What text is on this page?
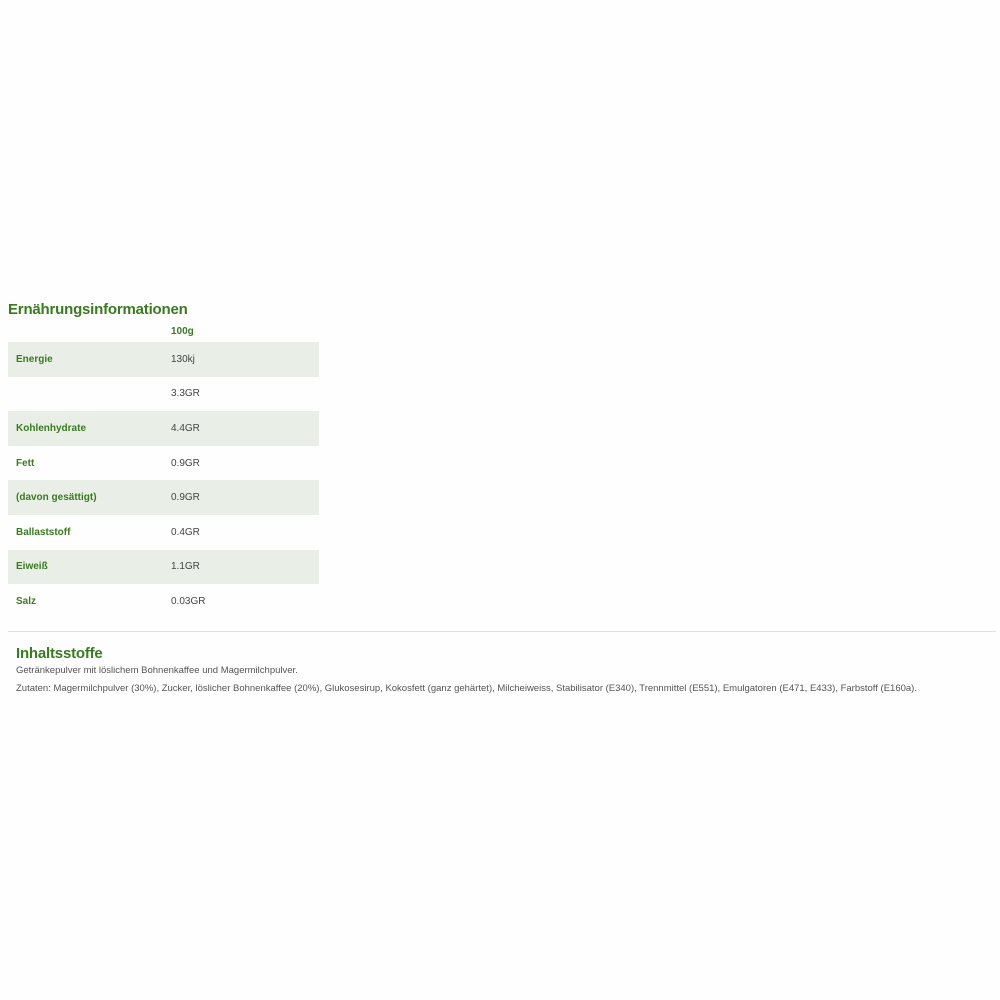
Ernährungsinformationen
	100g
Energie	130kj
	3.3GR
Kohlenhydrate	4.4GR
Fett	0.9GR
(davon gesättigt)	0.9GR
Ballaststoff	0.4GR
Eiweiß	1.1GR
Salz	0.03GR
Inhaltsstoffe

Getränkepulver mit löslichem Bohnenkaffee und Magermilchpulver.

Zutaten: Magermilchpulver (30%), Zucker, löslicher Bohnenkaffee (20%), Glukosesirup, Kokosfett (ganz gehärtet), Milcheiweiss, Stabilisator (E340), Trennmittel (E551), Emulgatoren (E471, E433), Farbstoff (E160a).
